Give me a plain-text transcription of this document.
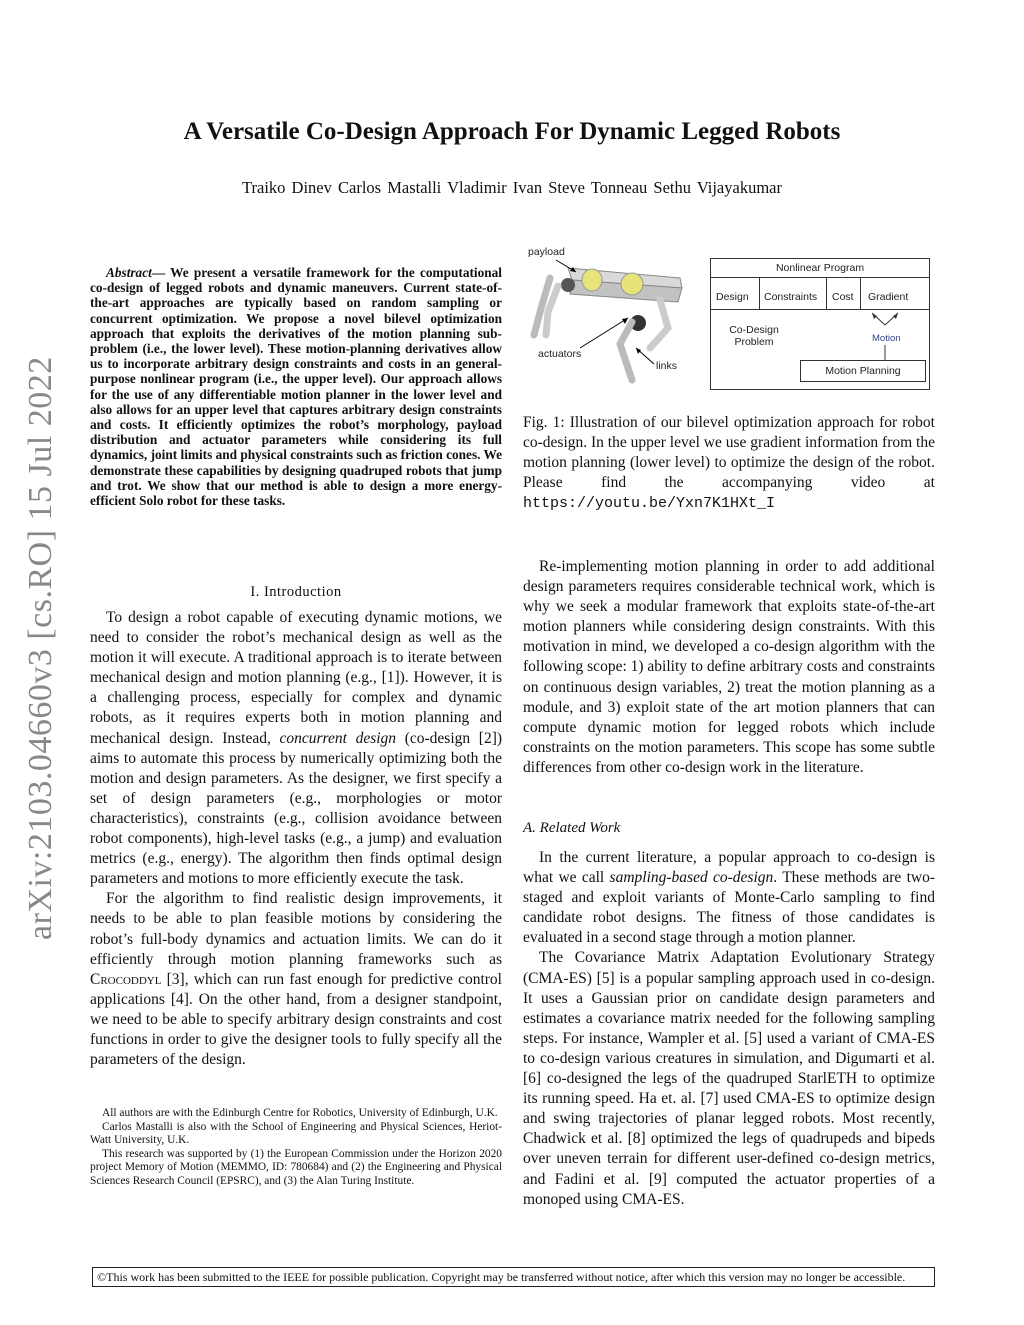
A Versatile Co-Design Approach For Dynamic Legged Robots
Traiko Dinev Carlos Mastalli Vladimir Ivan Steve Tonneau Sethu Vijayakumar
arXiv:2103.04660v3 [cs.RO] 15 Jul 2022
Abstract— We present a versatile framework for the computational co-design of legged robots and dynamic maneuvers. Current state-of-the-art approaches are typically based on random sampling or concurrent optimization. We propose a novel bilevel optimization approach that exploits the derivatives of the motion planning sub-problem (i.e., the lower level). These motion-planning derivatives allow us to incorporate arbitrary design constraints and costs in an general-purpose nonlinear program (i.e., the upper level). Our approach allows for the use of any differentiable motion planner in the lower level and also allows for an upper level that captures arbitrary design constraints and costs. It efficiently optimizes the robot’s morphology, payload distribution and actuator parameters while considering its full dynamics, joint limits and physical constraints such as friction cones. We demonstrate these capabilities by designing quadruped robots that jump and trot. We show that our method is able to design a more energy-efficient Solo robot for these tasks.
I. Introduction

To design a robot capable of executing dynamic motions, we need to consider the robot’s mechanical design as well as the motion it will execute. A traditional approach is to iterate between mechanical design and motion planning (e.g., [1]). However, it is a challenging process, especially for complex and dynamic robots, as it requires experts both in motion planning and mechanical design. Instead, concurrent design (co-design [2]) aims to automate this process by numerically optimizing both the motion and design parameters. As the designer, we first specify a set of design parameters (e.g., morphologies or motor characteristics), constraints (e.g., collision avoidance between robot components), high-level tasks (e.g., a jump) and evaluation metrics (e.g., energy). The algorithm then finds optimal design parameters and motions to more efficiently execute the task.

For the algorithm to find realistic design improvements, it needs to be able to plan feasible motions by considering the robot’s full-body dynamics and actuation limits. We can do it efficiently through motion planning frameworks such as Crocoddyl [3], which can run fast enough for predictive control applications [4]. On the other hand, from a designer standpoint, we need to be able to specify arbitrary design constraints and cost functions in order to give the designer tools to fully specify all the parameters of the design.

All authors are with the Edinburgh Centre for Robotics, University of Edinburgh, U.K.

Carlos Mastalli is also with the School of Engineering and Physical Sciences, Heriot-Watt University, U.K.

This research was supported by (1) the European Commission under the Horizon 2020 project Memory of Motion (MEMMO, ID: 780684) and (2) the Engineering and Physical Sciences Research Council (EPSRC), and (3) the Alan Turing Institute.

payload
actuators
links
Nonlinear Program
Design Constraints Cost Gradient
Co-Design Problem
Motion Planning
Motion
Fig. 1: Illustration of our bilevel optimization approach for robot co-design. In the upper level we use gradient information from the motion planning (lower level) to optimize the design of the robot. Please find the accompanying video at https://youtu.be/Yxn7K1HXt_I

Re-implementing motion planning in order to add additional design parameters requires considerable technical work, which is why we seek a modular framework that exploits state-of-the-art motion planners while considering design constraints. With this motivation in mind, we developed a co-design algorithm with the following scope: 1) ability to define arbitrary costs and constraints on continuous design variables, 2) treat the motion planning as a module, and 3) exploit state of the art motion planners that can compute dynamic motion for legged robots which include constraints on the motion parameters. This scope has some subtle differences from other co-design work in the literature.

A. Related Work

In the current literature, a popular approach to co-design is what we call sampling-based co-design. These methods are two-staged and exploit variants of Monte-Carlo sampling to find candidate robot designs. The fitness of those candidates is evaluated in a second stage through a motion planner.

The Covariance Matrix Adaptation Evolutionary Strategy (CMA-ES) [5] is a popular sampling approach used in co-design. It uses a Gaussian prior on candidate design parameters and estimates a covariance matrix needed for the following sampling steps. For instance, Wampler et al. [5] used a variant of CMA-ES to co-design various creatures in simulation, and Digumarti et al. [6] co-designed the legs of the quadruped StarlETH to optimize its running speed. Ha et. al. [7] used CMA-ES to optimize design and swing trajectories of planar legged robots. Most recently, Chadwick et al. [8] optimized the legs of quadrupeds and bipeds over uneven terrain for different user-defined co-design metrics, and Fadini et al. [9] computed the actuator properties of a monoped using CMA-ES.

©This work has been submitted to the IEEE for possible publication. Copyright may be transferred without notice, after which this version may no longer be accessible.
